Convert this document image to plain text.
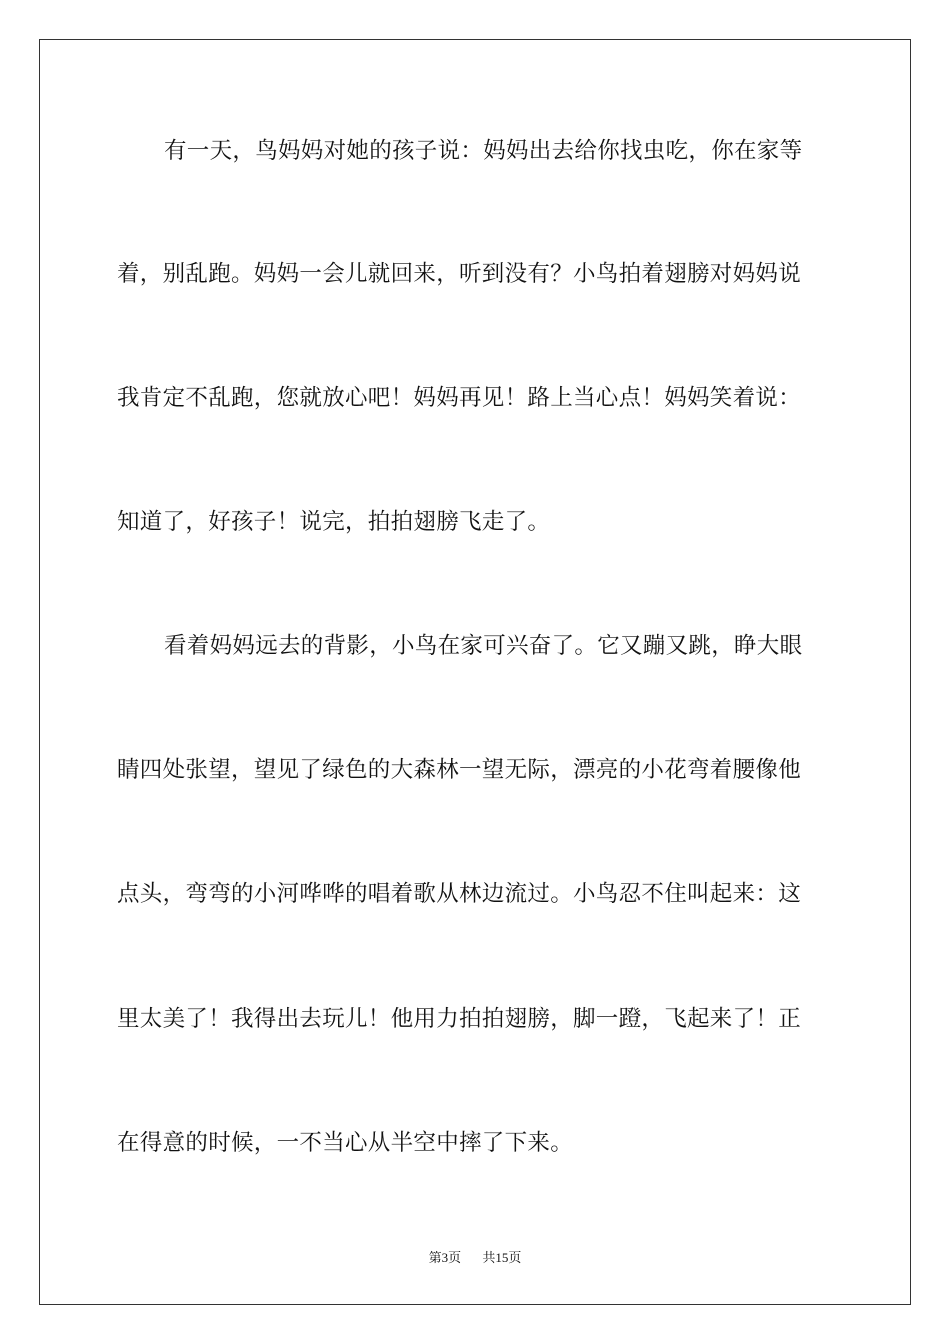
有一天，鸟妈妈对她的孩子说：妈妈出去给你找虫吃，你在家等
着，别乱跑。妈妈一会儿就回来，听到没有？小鸟拍着翅膀对妈妈说
我肯定不乱跑，您就放心吧！妈妈再见！路上当心点！妈妈笑着说：
知道了，好孩子！说完，拍拍翅膀飞走了。
看着妈妈远去的背影，小鸟在家可兴奋了。它又蹦又跳，睁大眼
睛四处张望，望见了绿色的大森林一望无际，漂亮的小花弯着腰像他
点头，弯弯的小河哗哗的唱着歌从林边流过。小鸟忍不住叫起来：这
里太美了！我得出去玩儿！他用力拍拍翅膀，脚一蹬，飞起来了！正
在得意的时候，一不当心从半空中摔了下来。
第3页 共15页
